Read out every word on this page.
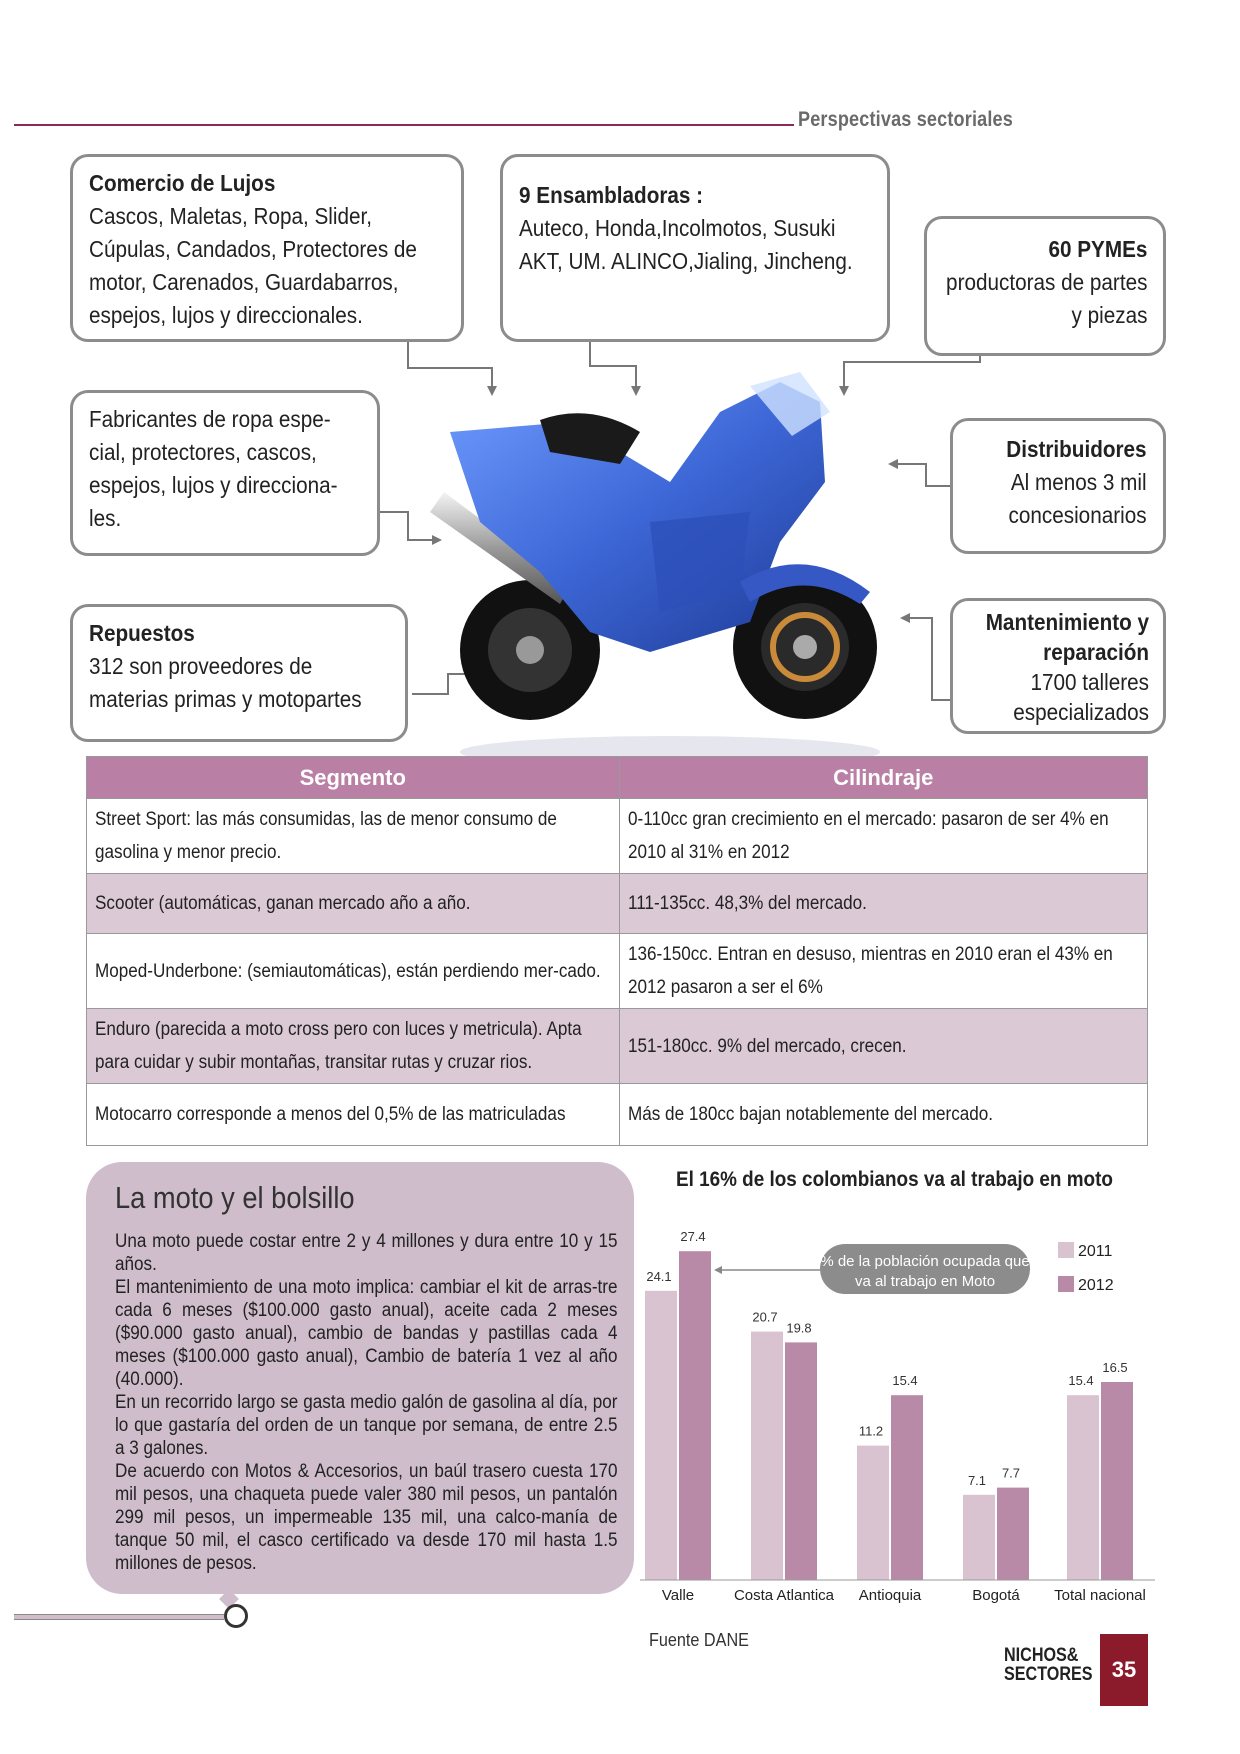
Perspectivas sectoriales
Comercio de Lujos
Cascos, Maletas, Ropa, Slider, Cúpulas, Candados, Protectores de motor, Carenados, Guardabarros, espejos, lujos y direccionales.
9 Ensambladoras :
Auteco, Honda,Incolmotos, Susuki AKT, UM. ALINCO,Jialing, Jincheng.	60 PYMEs
productoras de partes y piezas
Fabricantes de ropa espe-cial, protectores, cascos, espejos, lujos y direcciona-les.
Distribuidores
Al menos 3 mil concesionarios
Repuestos
312 son proveedores de materias primas y motopartes
Mantenimiento y reparación
1700 talleres especializados
Segmento	Cilindraje
Street Sport: las más consumidas, las de menor consumo de gasolina y menor precio.	0-110cc gran crecimiento en el mercado: pasaron de ser 4% en 2010 al 31% en 2012
Scooter (automáticas, ganan mercado año a año.	111-135cc. 48,3% del mercado.
Moped-Underbone: (semiautomáticas), están perdiendo mer-cado.	136-150cc. Entran en desuso, mientras en 2010 eran el 43% en 2012 pasaron a ser el 6%
Enduro (parecida a moto cross pero con luces y metricula). Apta para cuidar y subir montañas, transitar rutas y cruzar rios.	151-180cc. 9% del mercado, crecen.
Motocarro corresponde a menos del 0,5% de las matriculadas	Más de 180cc bajan notablemente del mercado.
La moto y el bolsillo

Una moto puede costar entre 2 y 4 millones y dura entre 10 y 15 años.

El mantenimiento de una moto implica: cambiar el kit de arras-tre cada 6 meses ($100.000 gasto anual), aceite cada 2 meses ($90.000 gasto anual), cambio de bandas y pastillas cada 4 meses ($100.000 gasto anual), Cambio de batería 1 vez al año (40.000).

En un recorrido largo se gasta medio galón de gasolina al día, por lo que gastaría del orden de un tanque por semana, de entre 2.5 a 3 galones.

De acuerdo con Motos & Accesorios, un baúl trasero cuesta 170 mil pesos, una chaqueta puede valer 380 mil pesos, un pantalón 299 mil pesos, un impermeable 135 mil, una calco-manía de tanque 50 mil, el casco certificado va desde 170 mil hasta 1.5 millones de pesos.

El 16% de los colombianos va al trabajo en moto
24.1
27.4
Valle
20.7
19.8
Costa Atlantica
11.2
15.4
Antioquia
7.1 7.7
Bogotá
15.4
16.5
Total nacional
2011
2012
% de la población ocupada que
va al trabajo en Moto
Fuente DANE
NICHOS&
SECTORES 35
